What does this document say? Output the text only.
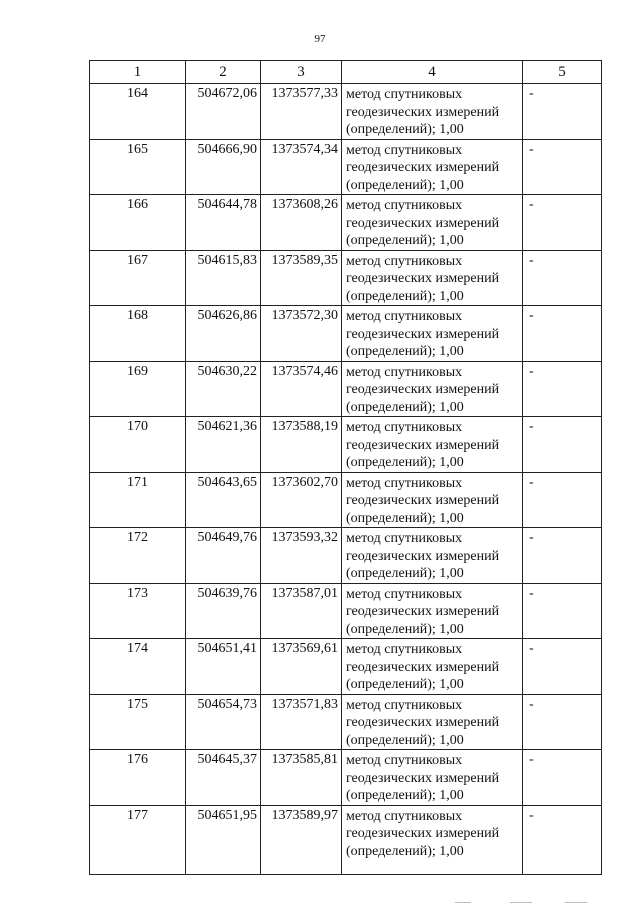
97
1	2	3	4	5
164	504672,06	1373577,33	метод спутниковых геодезических измерений (определений); 1,00	-
165	504666,90	1373574,34	метод спутниковых геодезических измерений (определений); 1,00	-
166	504644,78	1373608,26	метод спутниковых геодезических измерений (определений); 1,00	-
167	504615,83	1373589,35	метод спутниковых геодезических измерений (определений); 1,00	-
168	504626,86	1373572,30	метод спутниковых геодезических измерений (определений); 1,00	-
169	504630,22	1373574,46	метод спутниковых геодезических измерений (определений); 1,00	-
170	504621,36	1373588,19	метод спутниковых геодезических измерений (определений); 1,00	-
171	504643,65	1373602,70	метод спутниковых геодезических измерений (определений); 1,00	-
172	504649,76	1373593,32	метод спутниковых геодезических измерений (определений); 1,00	-
173	504639,76	1373587,01	метод спутниковых геодезических измерений (определений); 1,00	-
174	504651,41	1373569,61	метод спутниковых геодезических измерений (определений); 1,00	-
175	504654,73	1373571,83	метод спутниковых геодезических измерений (определений); 1,00	-
176	504645,37	1373585,81	метод спутниковых геодезических измерений (определений); 1,00	-
177	504651,95	1373589,97	метод спутниковых геодезических измерений (определений); 1,00	-
